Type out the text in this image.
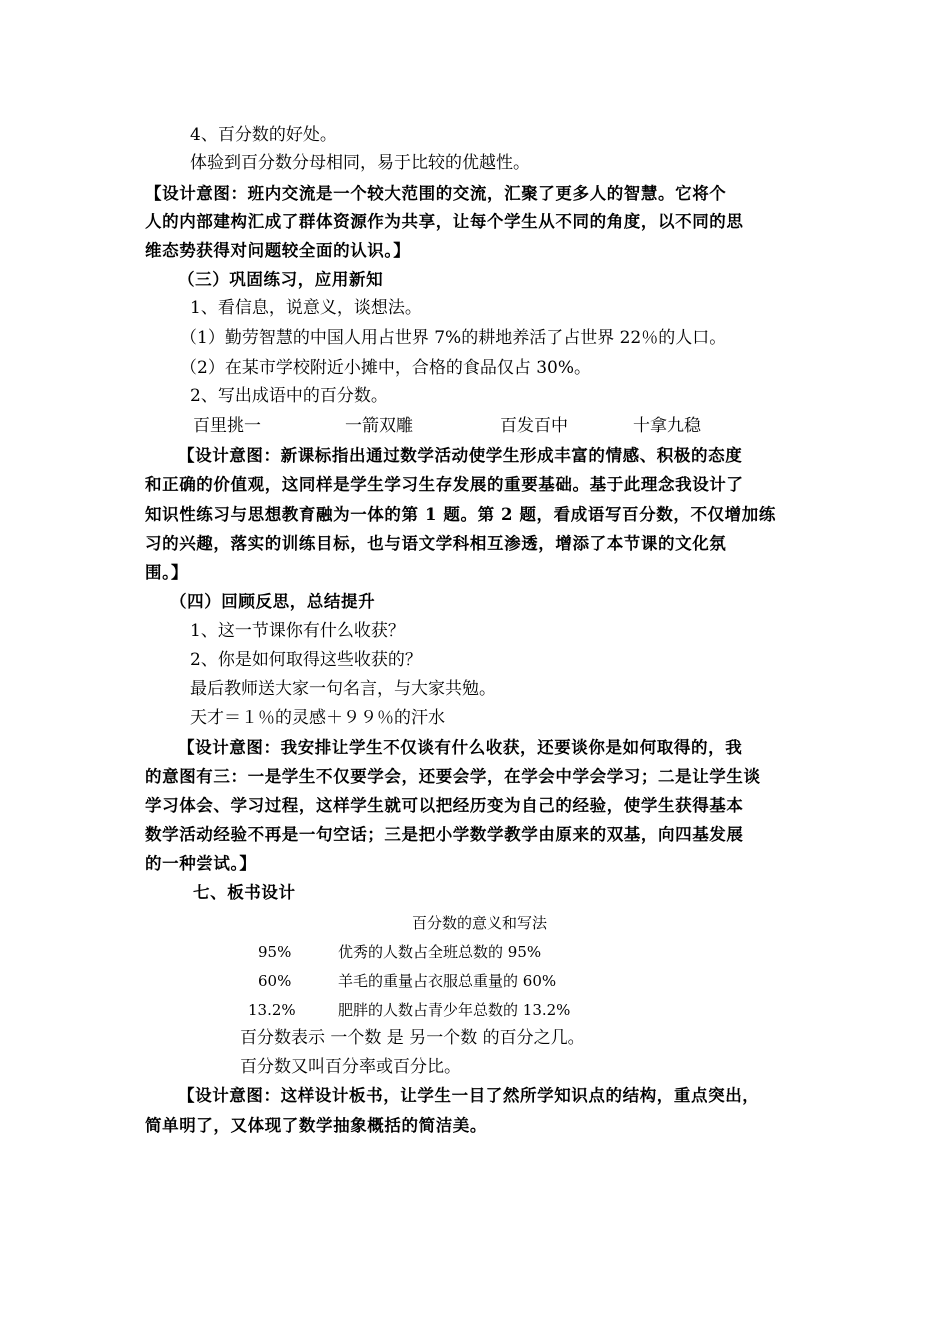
4、百分数的好处。
体验到百分数分母相同，易于比较的优越性。
【设计意图：班内交流是一个较大范围的交流，汇聚了更多人的智慧。它将个
人的内部建构汇成了群体资源作为共享，让每个学生从不同的角度，以不同的思
维态势获得对问题较全面的认识。】
（三）巩固练习，应用新知
1、看信息，说意义，谈想法。
（1）勤劳智慧的中国人用占世界 7%的耕地养活了占世界 22％的人口。
（2）在某市学校附近小摊中，合格的食品仅占 30%。
2、写出成语中的百分数。
百里挑一	一箭双雕	百发百中	十拿九稳
【设计意图：新课标指出通过数学活动使学生形成丰富的情感、积极的态度
和正确的价值观，这同样是学生学习生存发展的重要基础。基于此理念我设计了
知识性练习与思想教育融为一体的第 1 题。第 2 题，看成语写百分数，不仅增加练
习的兴趣，落实的训练目标，也与语文学科相互渗透，增添了本节课的文化氛
围。】
（四）回顾反思，总结提升
1、这一节课你有什么收获？
2、你是如何取得这些收获的？
最后教师送大家一句名言，与大家共勉。
天才＝１％的灵感＋９９％的汗水
【设计意图：我安排让学生不仅谈有什么收获，还要谈你是如何取得的，我
的意图有三：一是学生不仅要学会，还要会学，在学会中学会学习；二是让学生谈
学习体会、学习过程，这样学生就可以把经历变为自己的经验，使学生获得基本
数学活动经验不再是一句空话；三是把小学数学教学由原来的双基，向四基发展
的一种尝试。】
七、板书设计
百分数的意义和写法
95%	优秀的人数占全班总数的 95%
60%	羊毛的重量占衣服总重量的 60%
13.2%	肥胖的人数占青少年总数的 13.2%
百分数表示 一个数 是 另一个数 的百分之几。
百分数又叫百分率或百分比。
【设计意图：这样设计板书，让学生一目了然所学知识点的结构，重点突出，
简单明了，又体现了数学抽象概括的简洁美。
